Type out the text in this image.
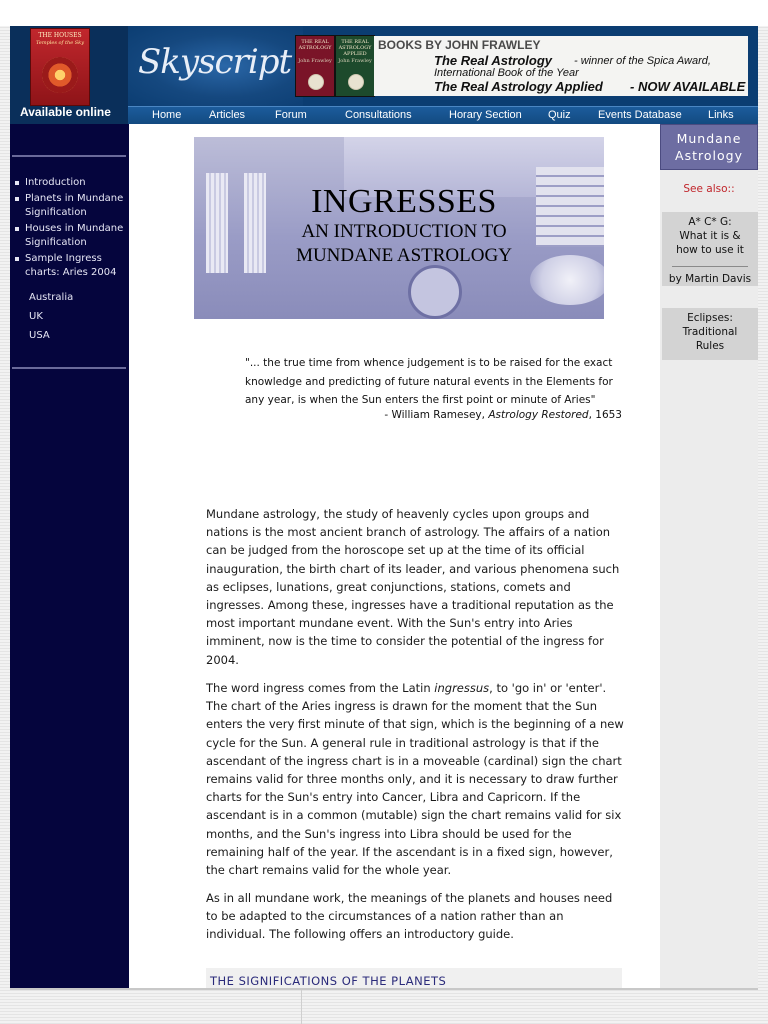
THE HOUSES
Temples of the Sky
Available online
Skyscript	THE REAL ASTROLOGY
John Frawley
THE REAL ASTROLOGY APPLIED
John Frawley
BOOKS BY JOHN FRAWLEY
The Real Astrology - winner of the Spica Award,
International Book of the Year
The Real Astrology Applied - NOW AVAILABLE
Home	Articles	Forum	Consultations	Horary Section Quiz Events Database Links
Introduction
Planets in Mundane Signification
Houses in Mundane Signification
Sample Ingress charts: Aries 2004
Australia
UK
USA
INGRESSES
AN INTRODUCTION TO
MUNDANE ASTROLOGY
"... the true time from whence judgement is to be raised for the exact knowledge and predicting of future natural events in the Elements for any year, is when the Sun enters the first point or minute of Aries"
- William Ramesey, Astrology Restored, 1653

Mundane astrology, the study of heavenly cycles upon groups and nations is the most ancient branch of astrology. The affairs of a nation can be judged from the horoscope set up at the time of its official inauguration, the birth chart of its leader, and various phenomena such as eclipses, lunations, great conjunctions, stations, comets and ingresses. Among these, ingresses have a traditional reputation as the most important mundane event. With the Sun's entry into Aries imminent, now is the time to consider the potential of the ingress for 2004.

The word ingress comes from the Latin ingressus, to 'go in' or 'enter'. The chart of the Aries ingress is drawn for the moment that the Sun enters the very first minute of that sign, which is the beginning of a new cycle for the Sun. A general rule in traditional astrology is that if the ascendant of the ingress chart is in a moveable (cardinal) sign the chart remains valid for three months only, and it is necessary to draw further charts for the Sun's entry into Cancer, Libra and Capricorn. If the ascendant is in a common (mutable) sign the chart remains valid for six months, and the Sun's ingress into Libra should be used for the remaining half of the year. If the ascendant is in a fixed sign, however, the chart remains valid for the whole year.

As in all mundane work, the meanings of the planets and houses need to be adapted to the circumstances of a nation rather than an individual. The following offers an introductory guide.

THE SIGNIFICATIONS OF THE PLANETS
Mundane Astrology
See also::
A* C* G:
What it is &
how to use it
by Martin Davis
Eclipses:
Traditional
Rules
